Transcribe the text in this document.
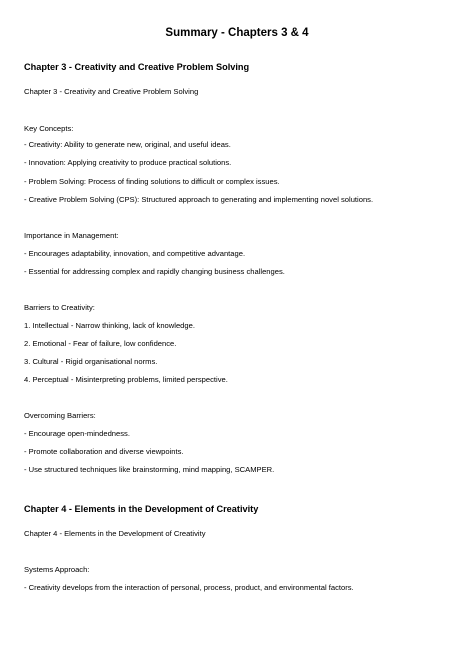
Summary - Chapters 3 & 4
Chapter 3 - Creativity and Creative Problem Solving
Chapter 3 - Creativity and Creative Problem Solving
Key Concepts:
- Creativity: Ability to generate new, original, and useful ideas.
- Innovation: Applying creativity to produce practical solutions.
- Problem Solving: Process of finding solutions to difficult or complex issues.
- Creative Problem Solving (CPS): Structured approach to generating and implementing novel solutions.
Importance in Management:
- Encourages adaptability, innovation, and competitive advantage.
- Essential for addressing complex and rapidly changing business challenges.
Barriers to Creativity:
1. Intellectual - Narrow thinking, lack of knowledge.
2. Emotional - Fear of failure, low confidence.
3. Cultural - Rigid organisational norms.
4. Perceptual - Misinterpreting problems, limited perspective.
Overcoming Barriers:
- Encourage open-mindedness.
- Promote collaboration and diverse viewpoints.
- Use structured techniques like brainstorming, mind mapping, SCAMPER.
Chapter 4 - Elements in the Development of Creativity
Chapter 4 - Elements in the Development of Creativity
Systems Approach:
- Creativity develops from the interaction of personal, process, product, and environmental factors.
